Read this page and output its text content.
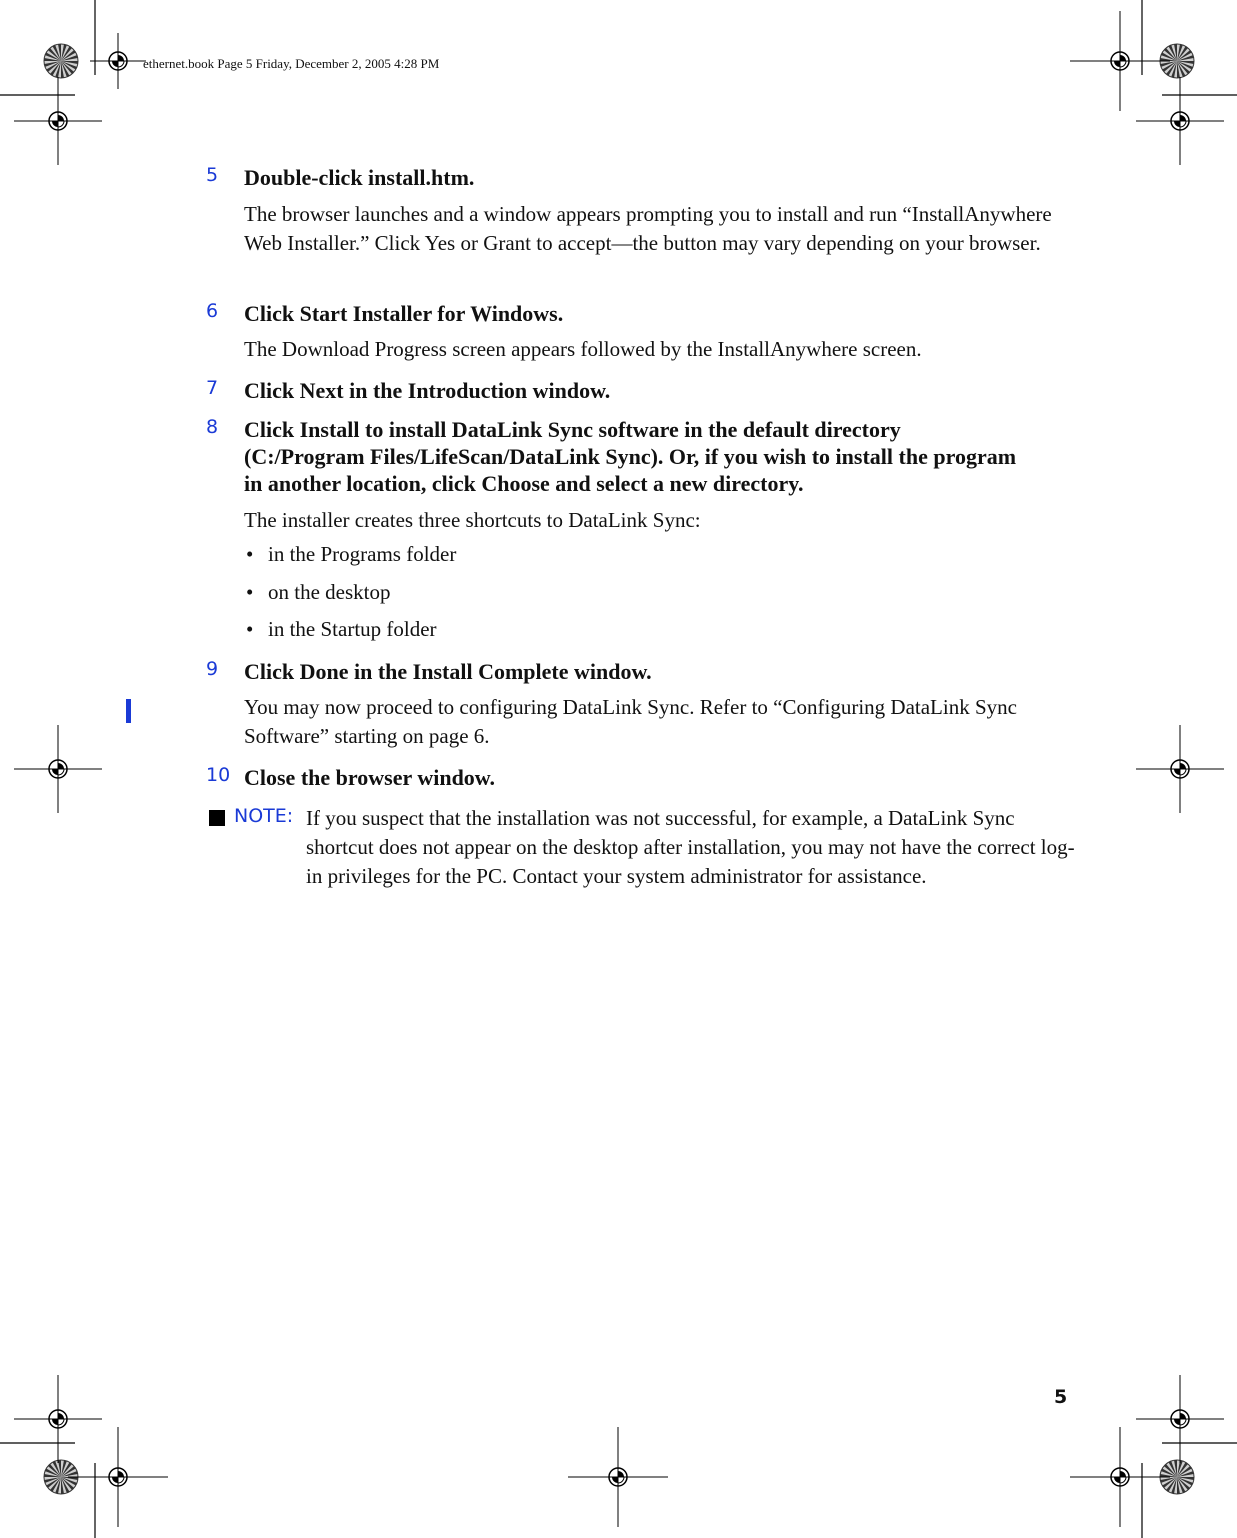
ethernet.book Page 5 Friday, December 2, 2005 4:28 PM
5 Double-click install.htm.
The browser launches and a window appears prompting you to install and run “InstallAnywhere Web Installer.” Click Yes or Grant to accept—the button may vary depending on your browser.
6 Click Start Installer for Windows.
The Download Progress screen appears followed by the InstallAnywhere screen.
7 Click Next in the Introduction window.
8 Click Install to install DataLink Sync software in the default directory (C:/Program Files/LifeScan/DataLink Sync). Or, if you wish to install the program in another location, click Choose and select a new directory.
The installer creates three shortcuts to DataLink Sync:
• in the Programs folder
• on the desktop
• in the Startup folder
9 Click Done in the Install Complete window.
You may now proceed to configuring DataLink Sync. Refer to “Configuring DataLink Sync Software” starting on page 6.
10 Close the browser window.
NOTE: If you suspect that the installation was not successful, for example, a DataLink Sync shortcut does not appear on the desktop after installation, you may not have the correct log-in privileges for the PC. Contact your system administrator for assistance.
5
